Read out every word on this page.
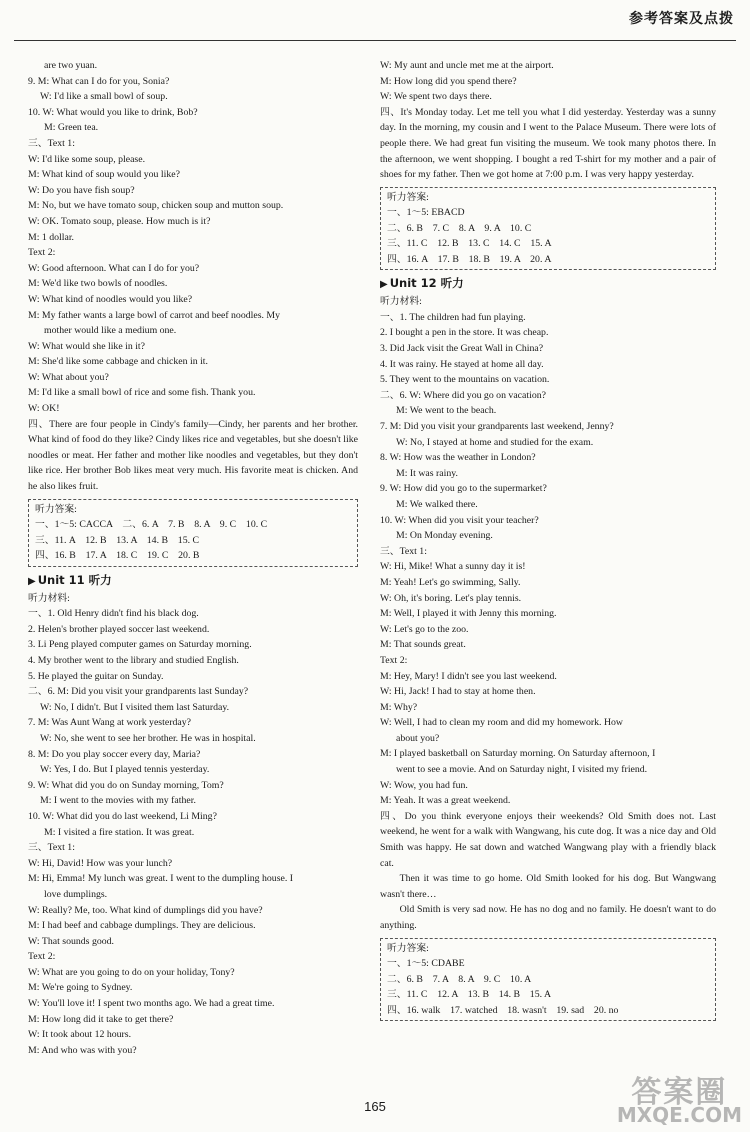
参考答案及点拨
are two yuan.
9. M: What can I do for you, Sonia?
W: I'd like a small bowl of soup.
10. W: What would you like to drink, Bob?
M: Green tea.
三、Text 1:
W: I'd like some soup, please.
M: What kind of soup would you like?
W: Do you have fish soup?
M: No, but we have tomato soup, chicken soup and mutton soup.
W: OK. Tomato soup, please. How much is it?
M: 1 dollar.
Text 2:
W: Good afternoon. What can I do for you?
M: We'd like two bowls of noodles.
W: What kind of noodles would you like?
M: My father wants a large bowl of carrot and beef noodles. My
mother would like a medium one.
W: What would she like in it?
M: She'd like some cabbage and chicken in it.
W: What about you?
M: I'd like a small bowl of rice and some fish. Thank you.
W: OK!
四、There are four people in Cindy's family—Cindy, her parents and her brother. What kind of food do they like? Cindy likes rice and vegetables, but she doesn't like noodles or meat. Her father and mother like noodles and vegetables, but they don't like rice. Her brother Bob likes meat very much. His favorite meat is chicken. And he also likes fruit.
听力答案:
一、1～5: CACCA　二、6. A　7. B　8. A　9. C　10. C
三、11. A　12. B　13. A　14. B　15. C
四、16. B　17. A　18. C　19. C　20. B
▶ Unit 11 听力
听力材料:
一、1. Old Henry didn't find his black dog.
2. Helen's brother played soccer last weekend.
3. Li Peng played computer games on Saturday morning.
4. My brother went to the library and studied English.
5. He played the guitar on Sunday.
二、6. M: Did you visit your grandparents last Sunday?
W: No, I didn't. But I visited them last Saturday.
7. M: Was Aunt Wang at work yesterday?
W: No, she went to see her brother. He was in hospital.
8. M: Do you play soccer every day, Maria?
W: Yes, I do. But I played tennis yesterday.
9. W: What did you do on Sunday morning, Tom?
M: I went to the movies with my father.
10. W: What did you do last weekend, Li Ming?
M: I visited a fire station. It was great.
三、Text 1:
W: Hi, David! How was your lunch?
M: Hi, Emma! My lunch was great. I went to the dumpling house. I
love dumplings.
W: Really? Me, too. What kind of dumplings did you have?
M: I had beef and cabbage dumplings. They are delicious.
W: That sounds good.
Text 2:
W: What are you going to do on your holiday, Tony?
M: We're going to Sydney.
W: You'll love it! I spent two months ago. We had a great time.
M: How long did it take to get there?
W: It took about 12 hours.
M: And who was with you?
W: My aunt and uncle met me at the airport.
M: How long did you spend there?
W: We spent two days there.
四、It's Monday today. Let me tell you what I did yesterday. Yesterday was a sunny day. In the morning, my cousin and I went to the Palace Museum. There were lots of people there. We had great fun visiting the museum. We took many photos there. In the afternoon, we went shopping. I bought a red T-shirt for my mother and a pair of shoes for my father. Then we got home at 7:00 p.m. I was very happy yesterday.
听力答案:
一、1～5: EBACD
二、6. B　7. C　8. A　9. A　10. C
三、11. C　12. B　13. C　14. C　15. A
四、16. A　17. B　18. B　19. A　20. A
▶ Unit 12 听力
听力材料:
一、1. The children had fun playing.
2. I bought a pen in the store. It was cheap.
3. Did Jack visit the Great Wall in China?
4. It was rainy. He stayed at home all day.
5. They went to the mountains on vacation.
二、6. W: Where did you go on vacation?
M: We went to the beach.
7. M: Did you visit your grandparents last weekend, Jenny?
W: No, I stayed at home and studied for the exam.
8. W: How was the weather in London?
M: It was rainy.
9. W: How did you go to the supermarket?
M: We walked there.
10. W: When did you visit your teacher?
M: On Monday evening.
三、Text 1:
W: Hi, Mike! What a sunny day it is!
M: Yeah! Let's go swimming, Sally.
W: Oh, it's boring. Let's play tennis.
M: Well, I played it with Jenny this morning.
W: Let's go to the zoo.
M: That sounds great.
Text 2:
M: Hey, Mary! I didn't see you last weekend.
W: Hi, Jack! I had to stay at home then.
M: Why?
W: Well, I had to clean my room and did my homework. How
about you?
M: I played basketball on Saturday morning. On Saturday afternoon, I
went to see a movie. And on Saturday night, I visited my friend.
W: Wow, you had fun.
M: Yeah. It was a great weekend.
四、Do you think everyone enjoys their weekends? Old Smith does not. Last weekend, he went for a walk with Wangwang, his cute dog. It was a nice day and Old Smith was happy. He sat down and watched Wangwang play with a friendly black cat.
Then it was time to go home. Old Smith looked for his dog. But Wangwang wasn't there…
Old Smith is very sad now. He has no dog and no family. He doesn't want to do anything.
听力答案:
一、1～5: CDABE
二、6. B　7. A　8. A　9. C　10. A
三、11. C　12. A　13. B　14. B　15. A
四、16. walk　17. watched　18. wasn't　19. sad　20. no
165	答案圈
MXQE.COM
